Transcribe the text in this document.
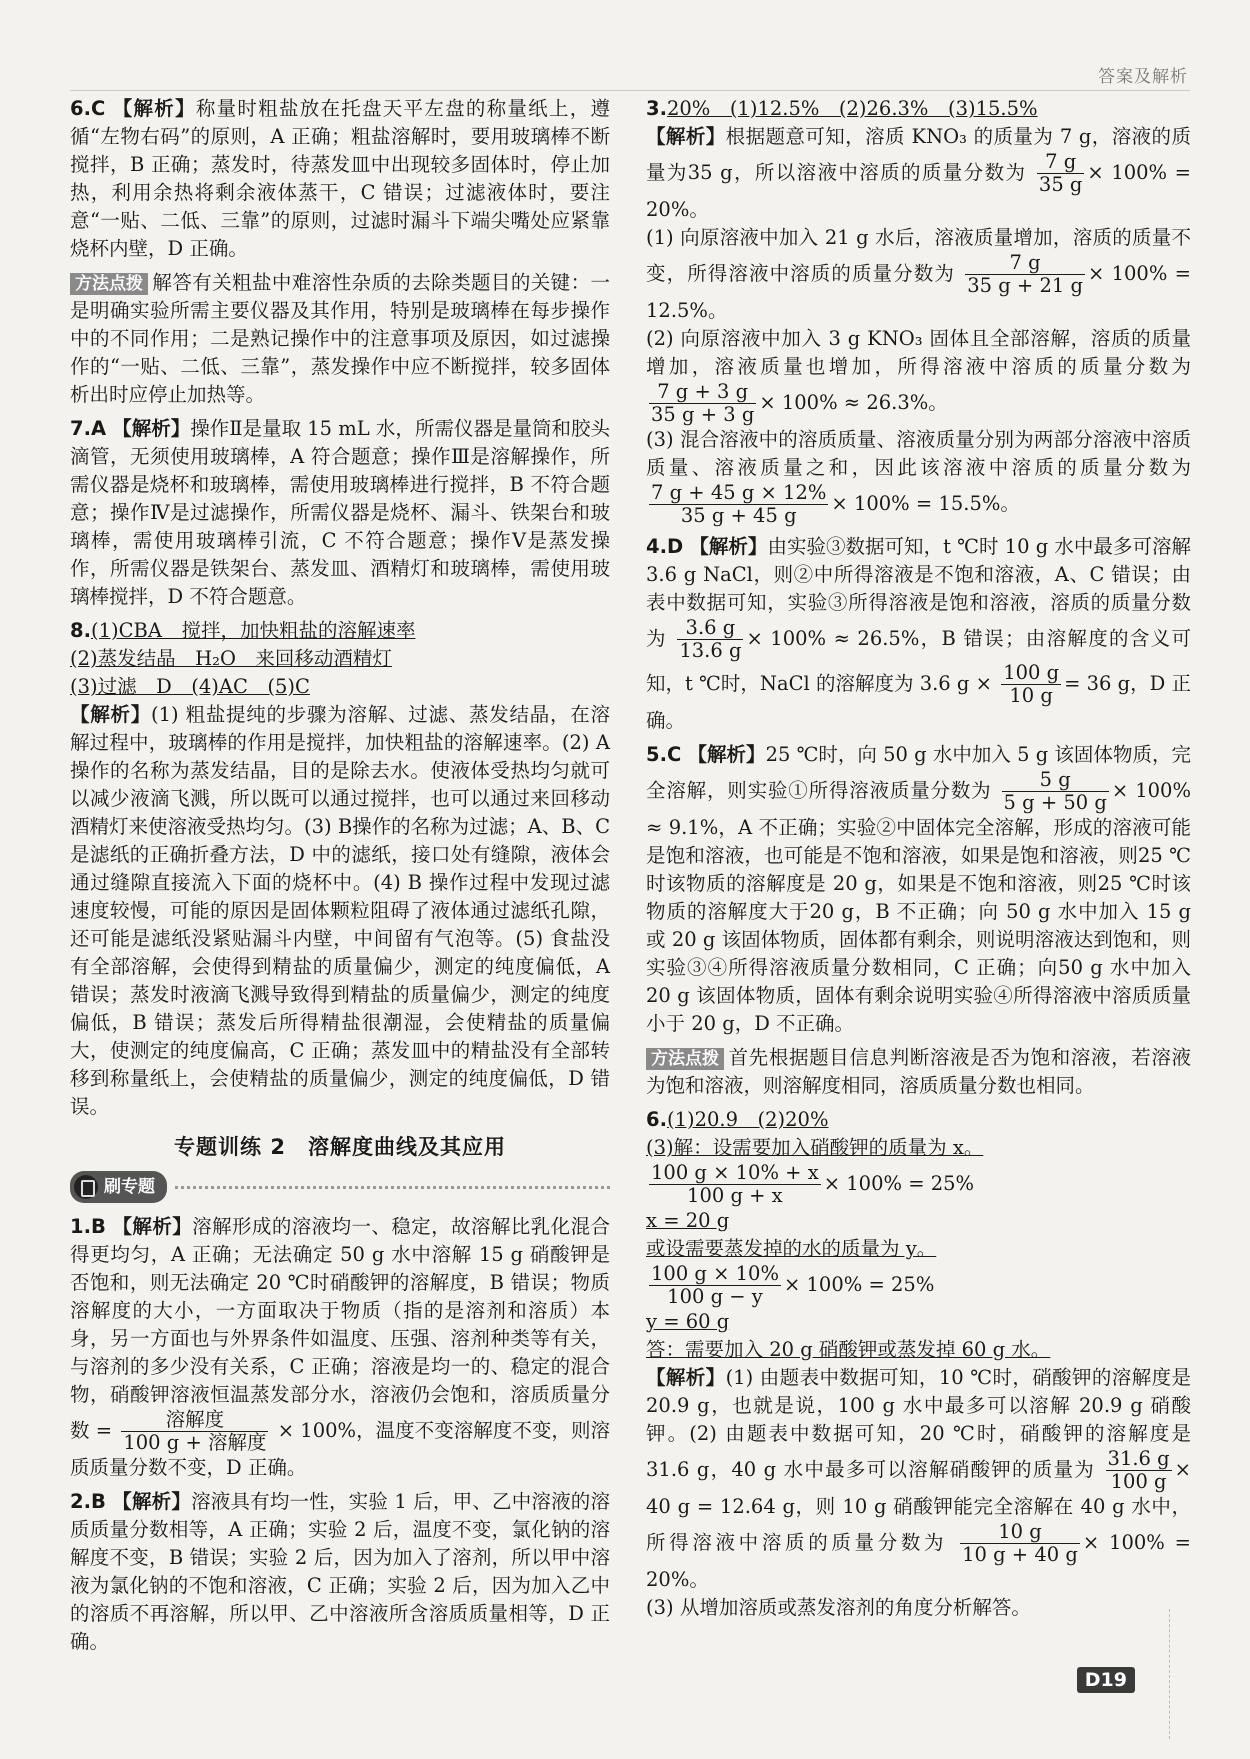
答案及解析
6.C 【解析】称量时粗盐放在托盘天平左盘的称量纸上，遵循“左物右码”的原则，A 正确；粗盐溶解时，要用玻璃棒不断搅拌，B 正确；蒸发时，待蒸发皿中出现较多固体时，停止加热，利用余热将剩余液体蒸干，C 错误；过滤液体时，要注意“一贴、二低、三靠”的原则，过滤时漏斗下端尖嘴处应紧靠烧杯内壁，D 正确。
方法点拨 解答有关粗盐中难溶性杂质的去除类题目的关键：一是明确实验所需主要仪器及其作用，特别是玻璃棒在每步操作中的不同作用；二是熟记操作中的注意事项及原因，如过滤操作的“一贴、二低、三靠”，蒸发操作中应不断搅拌，较多固体析出时应停止加热等。
7.A 【解析】操作Ⅱ是量取 15 mL 水，所需仪器是量筒和胶头滴管，无须使用玻璃棒，A 符合题意；操作Ⅲ是溶解操作，所需仪器是烧杯和玻璃棒，需使用玻璃棒进行搅拌，B 不符合题意；操作Ⅳ是过滤操作，所需仪器是烧杯、漏斗、铁架台和玻璃棒，需使用玻璃棒引流，C 不符合题意；操作Ⅴ是蒸发操作，所需仪器是铁架台、蒸发皿、酒精灯和玻璃棒，需使用玻璃棒搅拌，D 不符合题意。
8.(1)CBA　搅拌，加快粗盐的溶解速率
(2)蒸发结晶　H₂O　来回移动酒精灯
(3)过滤　D　(4)AC　(5)C
【解析】(1) 粗盐提纯的步骤为溶解、过滤、蒸发结晶，在溶解过程中，玻璃棒的作用是搅拌，加快粗盐的溶解速率。(2) A 操作的名称为蒸发结晶，目的是除去水。使液体受热均匀就可以减少液滴飞溅，所以既可以通过搅拌，也可以通过来回移动酒精灯来使溶液受热均匀。(3) B操作的名称为过滤；A、B、C 是滤纸的正确折叠方法，D 中的滤纸，接口处有缝隙，液体会通过缝隙直接流入下面的烧杯中。(4) B 操作过程中发现过滤速度较慢，可能的原因是固体颗粒阻碍了液体通过滤纸孔隙，还可能是滤纸没紧贴漏斗内壁，中间留有气泡等。(5) 食盐没有全部溶解，会使得到精盐的质量偏少，测定的纯度偏低，A 错误；蒸发时液滴飞溅导致得到精盐的质量偏少，测定的纯度偏低，B 错误；蒸发后所得精盐很潮湿，会使精盐的质量偏大，使测定的纯度偏高，C 正确；蒸发皿中的精盐没有全部转移到称量纸上，会使精盐的质量偏少，测定的纯度偏低，D 错误。
专题训练 2　溶解度曲线及其应用
刷专题
1.B 【解析】溶解形成的溶液均一、稳定，故溶解比乳化混合得更均匀，A 正确；无法确定 50 g 水中溶解 15 g 硝酸钾是否饱和，则无法确定 20 ℃时硝酸钾的溶解度，B 错误；物质溶解度的大小，一方面取决于物质（指的是溶剂和溶质）本身，另一方面也与外界条件如温度、压强、溶剂种类等有关，与溶剂的多少没有关系，C 正确；溶液是均一的、稳定的混合物，硝酸钾溶液恒温蒸发部分水，溶液仍会饱和，溶质质量分数 = $\frac{\text{溶解度}}{\text{100 g + 溶解度}} \times 100\%$，温度不变溶解度不变，则溶质质量分数不变，D 正确。
2.B 【解析】溶液具有均一性，实验 1 后，甲、乙中溶液的溶质质量分数相等，A 正确；实验 2 后，温度不变，氯化钠的溶解度不变，B 错误；实验 2 后，因为加入了溶剂，所以甲中溶液为氯化钠的不饱和溶液，C 正确；实验 2 后，因为加入乙中的溶质不再溶解，所以甲、乙中溶液所含溶质质量相等，D 正确。
3.20%　(1)12.5%　(2)26.3%　(3)15.5%
【解析】根据题意可知，溶质 KNO₃ 的质量为 7 g，溶液的质量为35 g，所以溶液中溶质的质量分数为 $\frac{7 g}{35 g} \times 100\% = 20\%$。
(1) 向原溶液中加入 21 g 水后，溶液质量增加，溶质的质量不变，所得溶液中溶质的质量分数为 $\frac{7 g}{35 g + 21 g} \times 100\% = 12.5\%$。
(2) 向原溶液中加入 3 g KNO₃ 固体且全部溶解，溶质的质量增加，溶液质量也增加，所得溶液中溶质的质量分数为
$\frac{7 g + 3 g}{35 g + 3 g} \times 100\% \approx 26.3\%$。
(3) 混合溶液中的溶质质量、溶液质量分别为两部分溶液中溶质质量、溶液质量之和，因此该溶液中溶质的质量分数为
$\frac{7 g + 45 g \times 12\%}{35 g + 45 g} \times 100\% = 15.5\%$。
4.D 【解析】由实验③数据可知，t ℃时 10 g 水中最多可溶解 3.6 g NaCl，则②中所得溶液是不饱和溶液，A、C 错误；由表中数据可知，实验③所得溶液是饱和溶液，溶质的质量分数为 $\frac{3.6 g}{13.6 g} \times 100\% \approx 26.5\%$，B 错误；由溶解度的含义可知，t ℃时，NaCl 的溶解度为 3.6 $g \times \frac{100 g}{10 g} = 36$ g，D 正确。
5.C 【解析】25 ℃时，向 50 g 水中加入 5 g 该固体物质，完全溶解，则实验①所得溶液质量分数为 $\frac{5 g}{5 g + 50 g} \times 100\% \approx 9.1\%$，A 不正确；实验②中固体完全溶解，形成的溶液可能是饱和溶液，也可能是不饱和溶液，如果是饱和溶液，则25 ℃时该物质的溶解度是 20 g，如果是不饱和溶液，则25 ℃时该物质的溶解度大于20 g，B 不正确；向 50 g 水中加入 15 g 或 20 g 该固体物质，固体都有剩余，则说明溶液达到饱和，则实验③④所得溶液质量分数相同，C 正确；向50 g 水中加入 20 g 该固体物质，固体有剩余说明实验④所得溶液中溶质质量小于 20 g，D 不正确。
方法点拨 首先根据题目信息判断溶液是否为饱和溶液，若溶液为饱和溶液，则溶解度相同，溶质质量分数也相同。
6.(1)20.9　(2)20%
(3)解：设需要加入硝酸钾的质量为 x。
$\frac{100 g \times 10\% + x}{100 g + x} \times 100\% = 25\%$
x = 20 g
或设需要蒸发掉的水的质量为 y。
$\frac{100 g \times 10\%}{100 g - y} \times 100\% = 25\%$
y = 60 g
答：需要加入 20 g 硝酸钾或蒸发掉 60 g 水。
【解析】(1) 由题表中数据可知，10 ℃时，硝酸钾的溶解度是 20.9 g，也就是说，100 g 水中最多可以溶解 20.9 g 硝酸钾。(2) 由题表中数据可知，20 ℃时，硝酸钾的溶解度是 31.6 g，40 g 水中最多可以溶解硝酸钾的质量为 $\frac{31.6 g}{100 g} \times 40$ g = 12.64 g，则 10 g 硝酸钾能完全溶解在 40 g 水中，所得溶液中溶质的质量分数为 $\frac{10 g}{10 g + 40 g} \times 100\% = 20\%$。
(3) 从增加溶质或蒸发溶剂的角度分析解答。
D19
